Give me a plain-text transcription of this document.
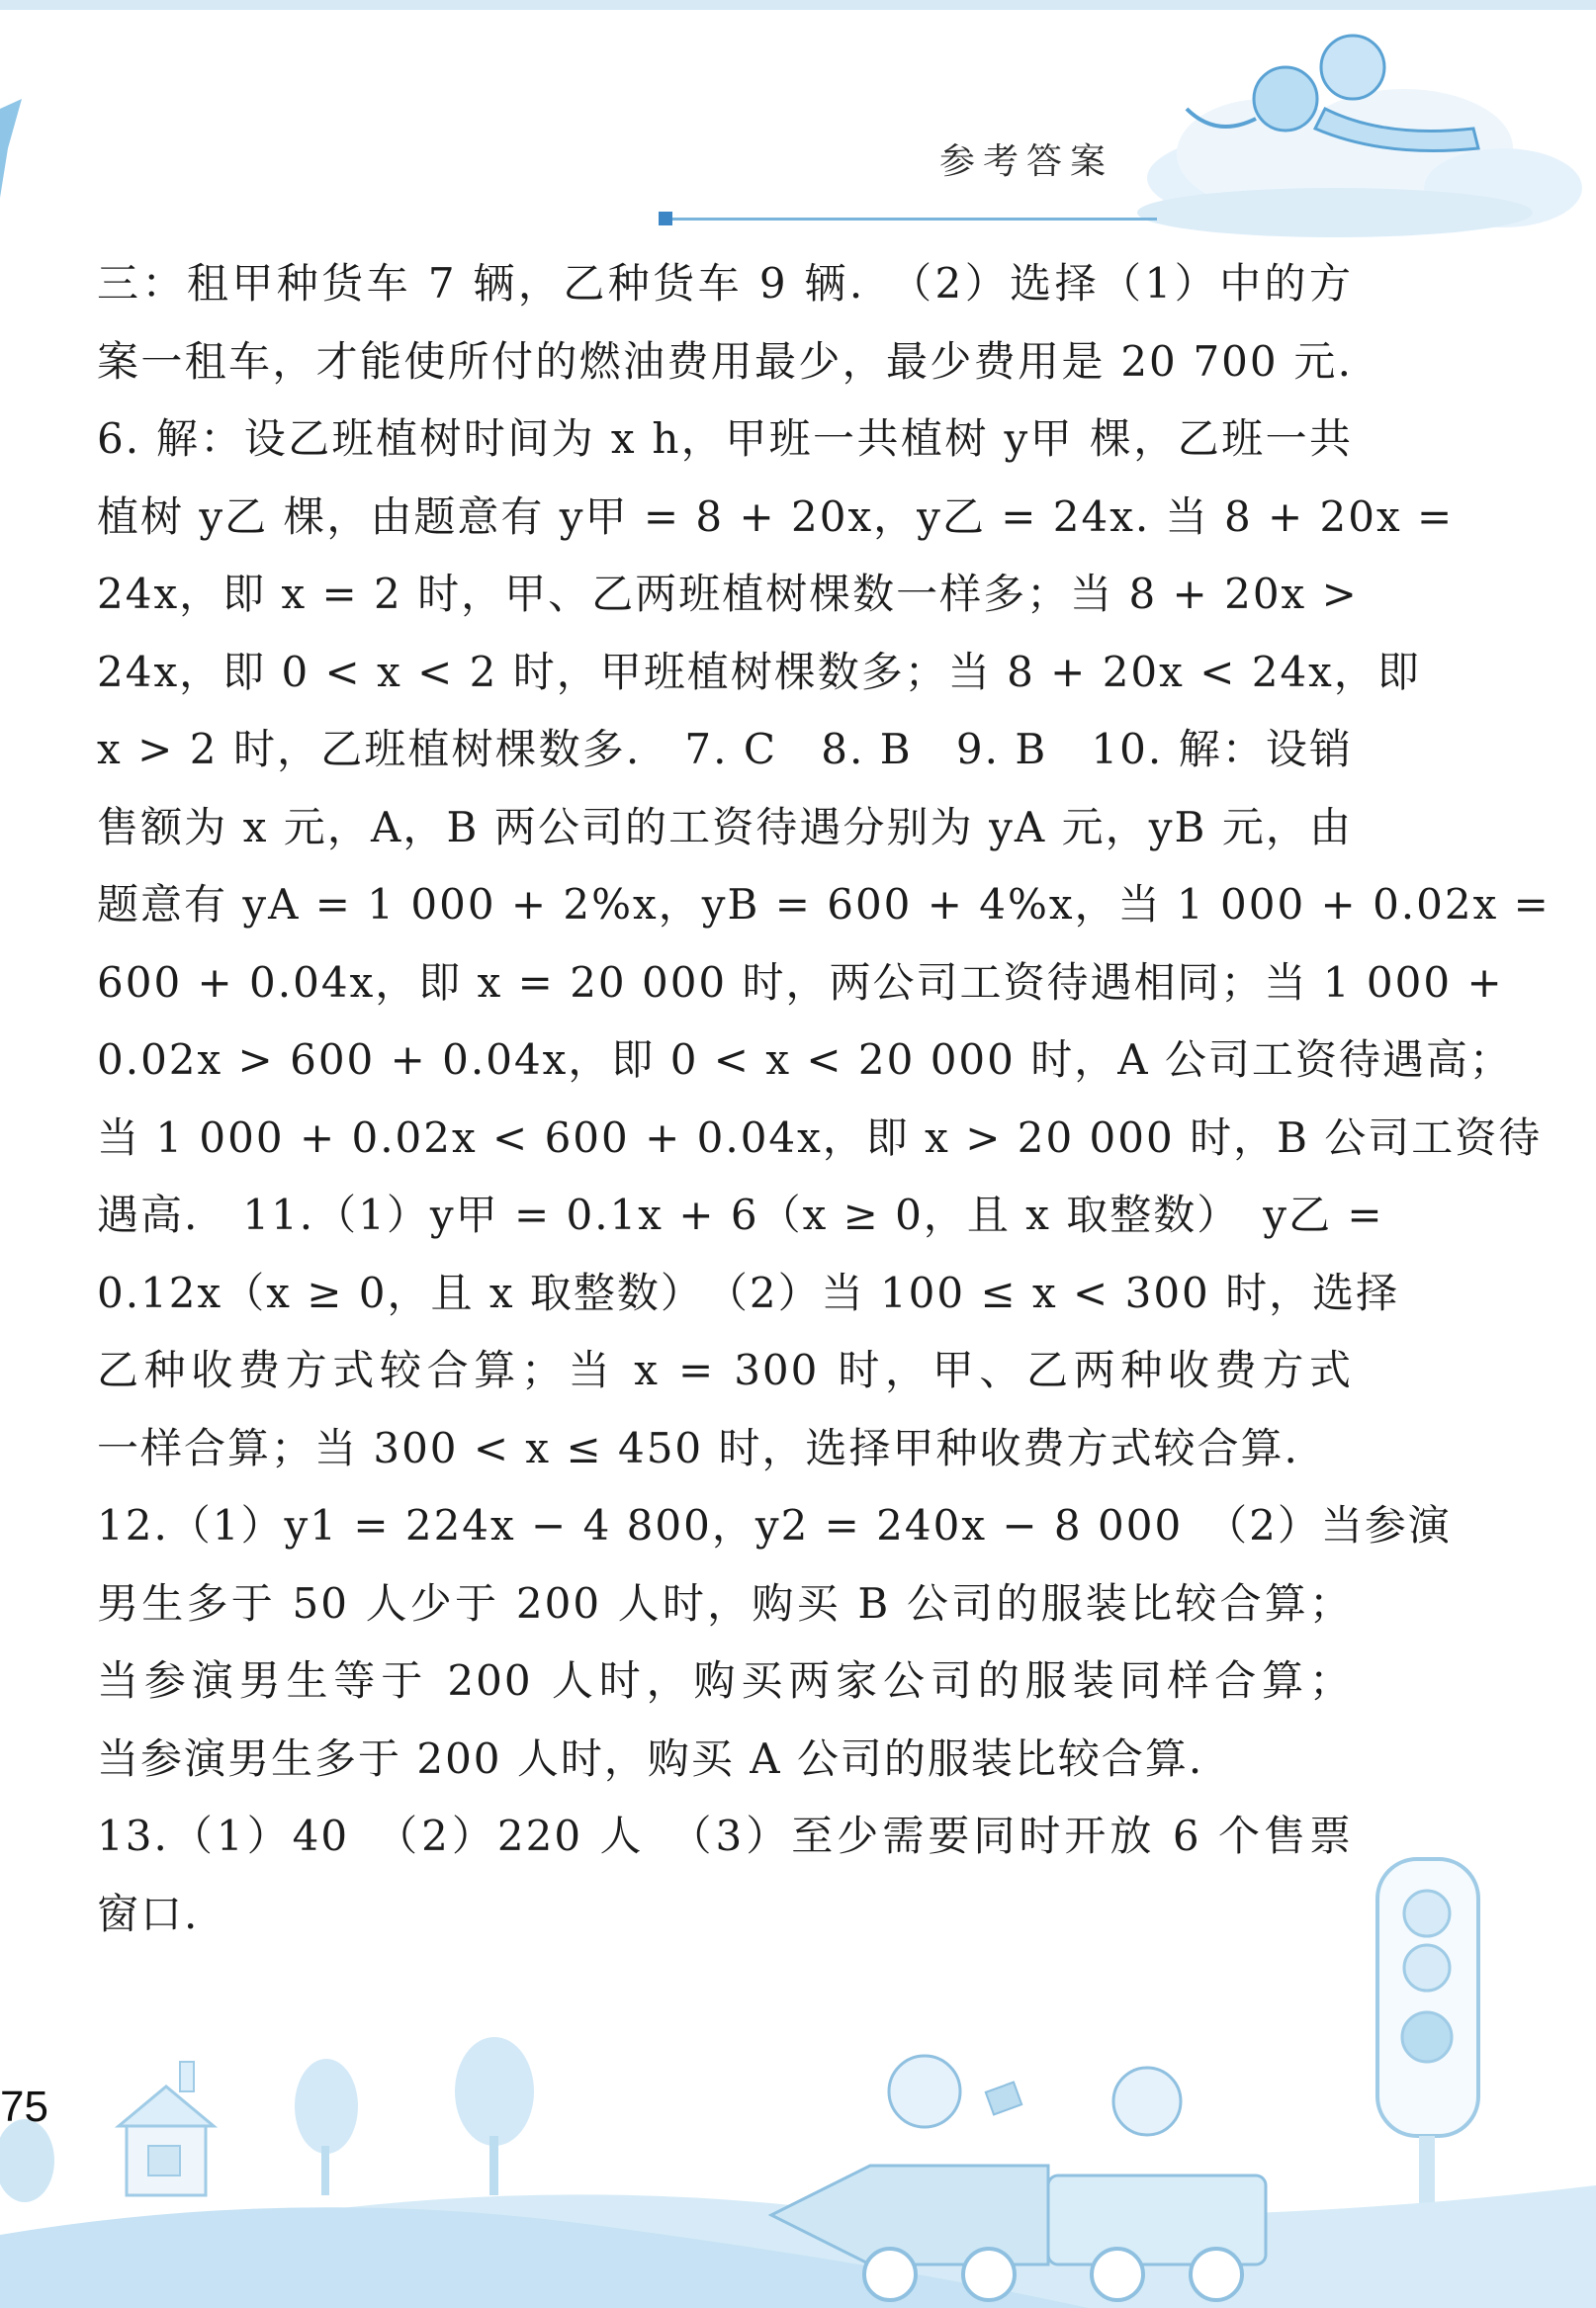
参考答案
三：租甲种货车 7 辆，乙种货车 9 辆.　（2）选择（1）中的方
案一租车，才能使所付的燃油费用最少，最少费用是 20 700 元.
6. 解：设乙班植树时间为 x h，甲班一共植树 y甲 棵，乙班一共
植树 y乙 棵，由题意有 y甲 = 8 + 20x，y乙 = 24x. 当 8 + 20x =
24x，即 x = 2 时，甲、乙两班植树棵数一样多；当 8 + 20x >
24x，即 0 < x < 2 时，甲班植树棵数多；当 8 + 20x < 24x，即
x > 2 时，乙班植树棵数多.　7. C　8. B　9. B　10. 解：设销
售额为 x 元，A，B 两公司的工资待遇分别为 yA 元，yB 元，由
题意有 yA = 1 000 + 2%x，yB = 600 + 4%x，当 1 000 + 0.02x =
600 + 0.04x，即 x = 20 000 时，两公司工资待遇相同；当 1 000 +
0.02x > 600 + 0.04x，即 0 < x < 20 000 时，A 公司工资待遇高；
当 1 000 + 0.02x < 600 + 0.04x，即 x > 20 000 时，B 公司工资待
遇高.　11.（1）y甲 = 0.1x + 6（x ≥ 0，且 x 取整数）　y乙 =
0.12x（x ≥ 0，且 x 取整数）　（2）当 100 ≤ x < 300 时，选择
乙种收费方式较合算；当 x = 300 时，甲、乙两种收费方式
一样合算；当 300 < x ≤ 450 时，选择甲种收费方式较合算.
12.（1）y1 = 224x − 4 800，y2 = 240x − 8 000　（2）当参演
男生多于 50 人少于 200 人时，购买 B 公司的服装比较合算；
当参演男生等于 200 人时，购买两家公司的服装同样合算；
当参演男生多于 200 人时，购买 A 公司的服装比较合算.
13.（1）40　（2）220 人　（3）至少需要同时开放 6 个售票
窗口.
75
